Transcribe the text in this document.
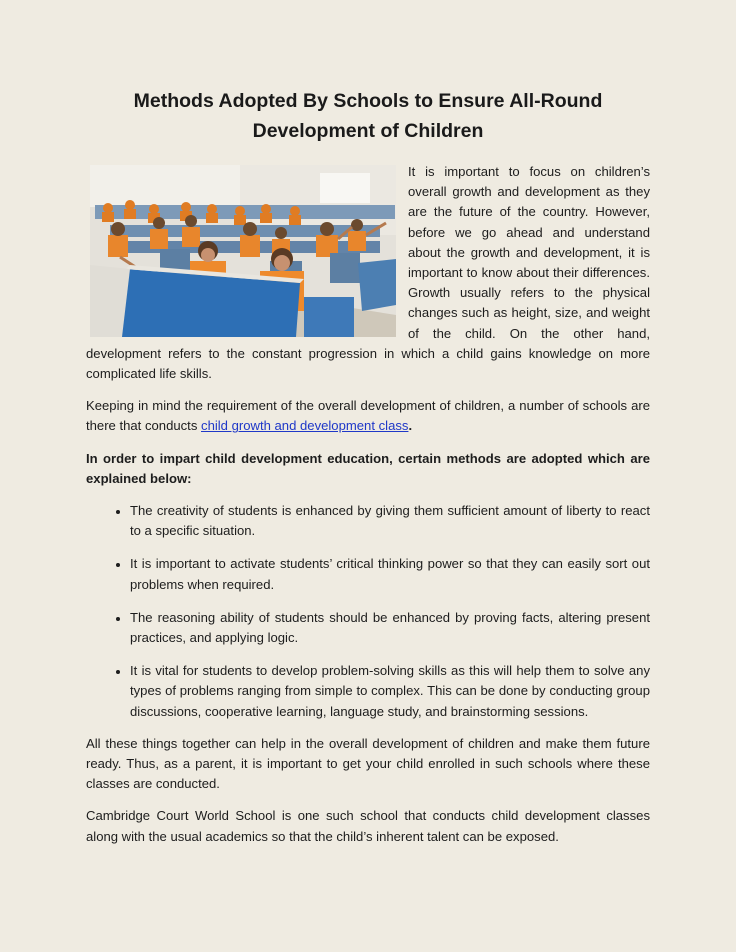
Methods Adopted By Schools to Ensure All-Round
Development of Children

It is important to focus on children’s overall growth and development as they are the future of the country. However, before we go ahead and understand about the growth and development, it is important to know about their differences. Growth usually refers to the physical changes such as height, size, and weight of the child. On the other hand, development refers to the constant progression in which a child gains knowledge on more complicated life skills.

Keeping in mind the requirement of the overall development of children, a number of schools are there that conducts child growth and development class.

In order to impart child development education, certain methods are adopted which are explained below:

• The creativity of students is enhanced by giving them sufficient amount of liberty to react to a specific situation.
• It is important to activate students’ critical thinking power so that they can easily sort out problems when required.
• The reasoning ability of students should be enhanced by proving facts, altering present practices, and applying logic.
• It is vital for students to develop problem-solving skills as this will help them to solve any types of problems ranging from simple to complex. This can be done by conducting group discussions, cooperative learning, language study, and brainstorming sessions.

All these things together can help in the overall development of children and make them future ready. Thus, as a parent, it is important to get your child enrolled in such schools where these classes are conducted.

Cambridge Court World School is one such school that conducts child development classes along with the usual academics so that the child’s inherent talent can be exposed.
